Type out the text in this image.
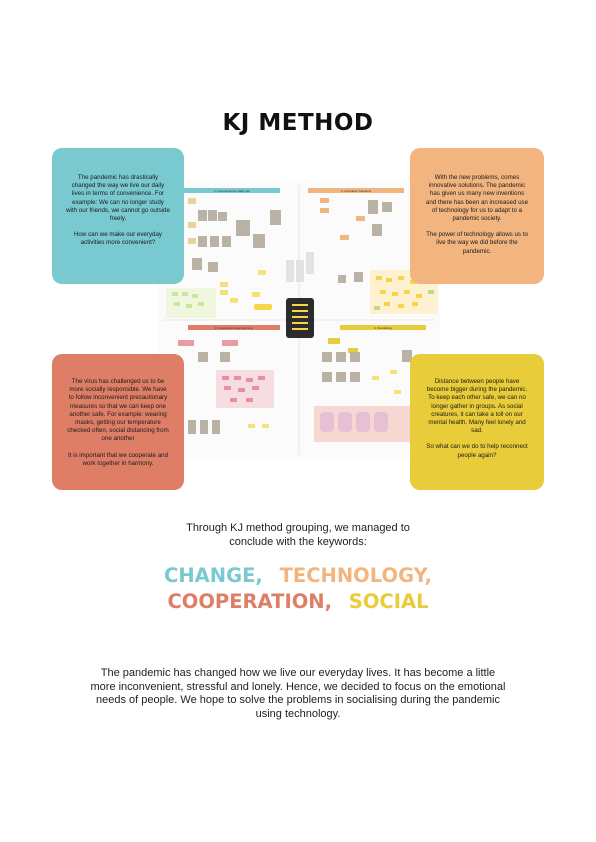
KJ METHOD
1. Inconvenience Daily Life	2. Innovative Solutions
3. Cooperation and Harmony	4. Socialising

The pandemic has drastically changed the way we live our daily lives in terms of convenience. For example: We can no longer study with our friends, we cannot go outside freely.

How can we make our everyday activities more convenient?

With the new problems, comes innovative solutions. The pandemic has given us many new inventions and there has been an increased use of technology for us to adapt to a pandemic society.

The power of technology allows us to live the way we did before the pandemic.

The virus has challenged us to be more socially responsible. We have to follow inconvenient precautionary measures so that we can keep one another safe. For example: wearing masks, getting our temperature checked often, social distancing from one another

It is important that we cooperate and work together in harmony.

Distance between people have become bigger during the pandemic. To keep each other safe, we can no longer gather in groups. As social creatures, it can take a toll on our mental health. Many feel lonely and sad.

So what can we do to help reconnect people again?

Through KJ method grouping, we managed to conclude with the keywords:
CHANGE, TECHNOLOGY,
COOPERATION, SOCIAL
The pandemic has changed how we live our everyday lives. It has become a little more inconvenient, stressful and lonely. Hence, we decided to focus on the emotional needs of people. We hope to solve the problems in socialising during the pandemic using technology.
